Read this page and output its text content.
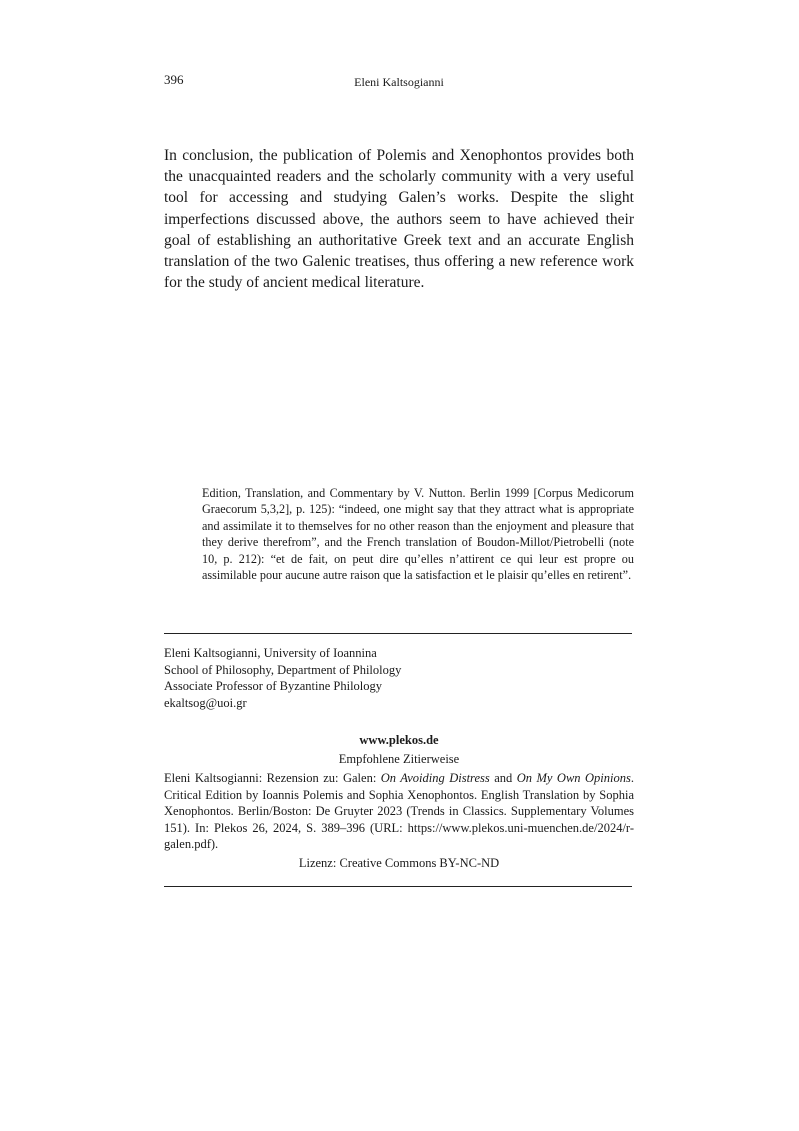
396	Eleni Kaltsogianni

In conclusion, the publication of Polemis and Xenophontos provides both the unacquainted readers and the scholarly community with a very useful tool for accessing and studying Galen’s works. Despite the slight imperfections discussed above, the authors seem to have achieved their goal of establishing an authoritative Greek text and an accurate English translation of the two Galenic treatises, thus offering a new reference work for the study of ancient medical literature.

Edition, Translation, and Commentary by V. Nutton. Berlin 1999 [Corpus Medicorum Graecorum 5,3,2], p. 125): “indeed, one might say that they attract what is appropriate and assimilate it to themselves for no other reason than the enjoyment and pleasure that they derive therefrom”, and the French translation of Boudon-Millot/Pietrobelli (note 10, p. 212): “et de fait, on peut dire qu’elles n’attirent ce qui leur est propre ou assimilable pour aucune autre raison que la satisfaction et le plaisir qu’elles en retirent”.

Eleni Kaltsogianni, University of Ioannina
School of Philosophy, Department of Philology
Associate Professor of Byzantine Philology
ekaltsog@uoi.gr
www.plekos.de
Empfohlene Zitierweise

Eleni Kaltsogianni: Rezension zu: Galen: On Avoiding Distress and On My Own Opinions. Critical Edition by Ioannis Polemis and Sophia Xenophontos. English Translation by Sophia Xenophontos. Berlin/Boston: De Gruyter 2023 (Trends in Classics. Supplementary Volumes 151). In: Plekos 26, 2024, S. 389–396 (URL: https://www.plekos.uni-muenchen.de/2024/r-galen.pdf).

Lizenz: Creative Commons BY-NC-ND
